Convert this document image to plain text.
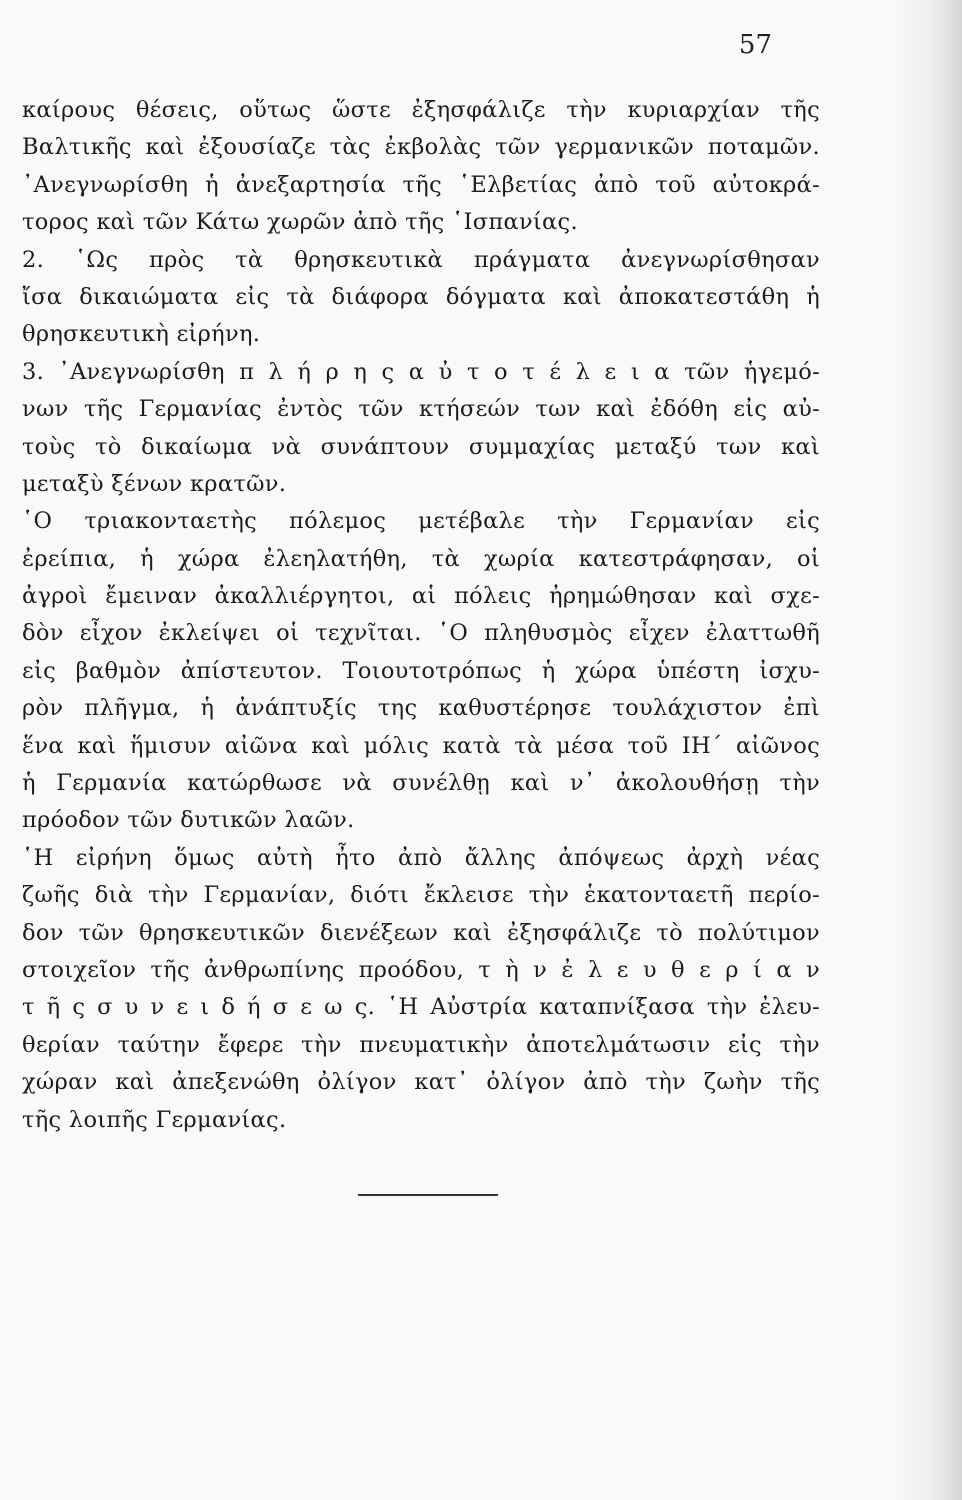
57
καίρους θέσεις, οὕτως ὥστε ἐξησφάλιζε τὴν κυριαρχίαν τῆς
Βαλτικῆς καὶ ἐξουσίαζε τὰς ἐκβολὰς τῶν γερμανικῶν ποταμῶν.
᾿Ανεγνωρίσθη ἡ ἀνεξαρτησία τῆς ῾Ελβετίας ἀπὸ τοῦ αὐτοκρά-
τορος καὶ τῶν Κάτω χωρῶν ἀπὸ τῆς ῾Ισπανίας.
2. ῾Ως πρὸς τὰ θρησκευτικὰ πράγματα ἀνεγνωρίσθησαν
ἴσα δικαιώματα εἰς τὰ διάφορα δόγματα καὶ ἀποκατεστάθη ἡ
θρησκευτικὴ εἰρήνη.
3. ᾿Ανεγνωρίσθη π λ ή ρ η ς α ὐ τ ο τ έ λ ε ι α τῶν ἡγεμό-
νων τῆς Γερμανίας ἐντὸς τῶν κτήσεών των καὶ ἐδόθη εἰς αὐ-
τοὺς τὸ δικαίωμα νὰ συνάπτουν συμμαχίας μεταξύ των καὶ
μεταξὺ ξένων κρατῶν.
῾Ο τριακονταετὴς πόλεμος μετέβαλε τὴν Γερμανίαν εἰς
ἐρείπια, ἡ χώρα ἐλεηλατήθη, τὰ χωρία κατεστράφησαν, οἱ
ἀγροὶ ἔμειναν ἀκαλλιέργητοι, αἱ πόλεις ἠρημώθησαν καὶ σχε-
δὸν εἶχον ἐκλείψει οἱ τεχνῖται. ῾Ο πληθυσμὸς εἶχεν ἐλαττωθῆ
εἰς βαθμὸν ἀπίστευτον. Τοιουτοτρόπως ἡ χώρα ὑπέστη ἰσχυ-
ρὸν πλῆγμα, ἡ ἀνάπτυξίς της καθυστέρησε τουλάχιστον ἐπὶ
ἕνα καὶ ἥμισυν αἰῶνα καὶ μόλις κατὰ τὰ μέσα τοῦ ΙΗ΄ αἰῶνος
ἡ Γερμανία κατώρθωσε νὰ συνέλθῃ καὶ ν᾿ ἀκολουθήσῃ τὴν
πρόοδον τῶν δυτικῶν λαῶν.
῾Η εἰρήνη ὅμως αὐτὴ ἦτο ἀπὸ ἄλλης ἀπόψεως ἀρχὴ νέας
ζωῆς διὰ τὴν Γερμανίαν, διότι ἔκλεισε τὴν ἑκατονταετῆ περίο-
δον τῶν θρησκευτικῶν διενέξεων καὶ ἐξησφάλιζε τὸ πολύτιμον
στοιχεῖον τῆς ἀνθρωπίνης προόδου, τ ὴ ν ἐ λ ε υ θ ε ρ ί α ν
τ ῆ ς σ υ ν ε ι δ ή σ ε ω ς. ῾Η Αὐστρία καταπνίξασα τὴν ἐλευ-
θερίαν ταύτην ἔφερε τὴν πνευματικὴν ἀποτελμάτωσιν εἰς τὴν
χώραν καὶ ἀπεξενώθη ὀλίγον κατ᾿ ὀλίγον ἀπὸ τὴν ζωὴν τῆς
τῆς λοιπῆς Γερμανίας.
